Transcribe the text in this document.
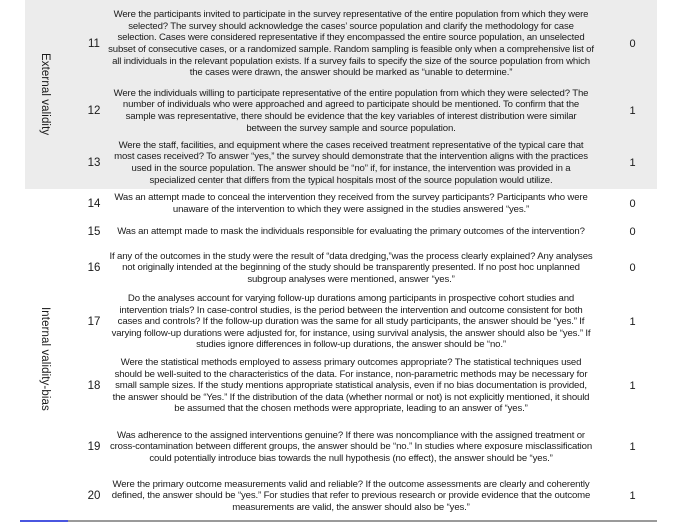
External validity
11
Were the participants invited to participate in the survey representative of the entire population from which they were selected? The survey should acknowledge the cases’ source population and clarify the methodology for case selection. Cases were considered representative if they encompassed the entire source population, an unselected subset of consecutive cases, or a randomized sample. Random sampling is feasible only when a comprehensive list of all individuals in the relevant population exists. If a survey fails to specify the size of the source population from which the cases were drawn, the answer should be marked as “unable to determine.”
0
12
Were the individuals willing to participate representative of the entire population from which they were selected? The number of individuals who were approached and agreed to participate should be mentioned. To confirm that the sample was representative, there should be evidence that the key variables of interest distribution were similar between the survey sample and source population.
1
13
Were the staff, facilities, and equipment where the cases received treatment representative of the typical care that most cases received? To answer “yes,” the survey should demonstrate that the intervention aligns with the practices used in the source population. The answer should be “no” if, for instance, the intervention was provided in a specialized center that differs from the typical hospitals most of the source population would utilize.
1
Internal validity-bias
14
Was an attempt made to conceal the intervention they received from the survey participants? Participants who were unaware of the intervention to which they were assigned in the studies answered “yes.”	0
15	Was an attempt made to mask the individuals responsible for evaluating the primary outcomes of the intervention?	0
16
If any of the outcomes in the study were the result of “data dredging,”was the process clearly explained? Any analyses not originally intended at the beginning of the study should be transparently presented. If no post hoc unplanned subgroup analyses were mentioned, answer “yes.”
0
17
Do the analyses account for varying follow-up durations among participants in prospective cohort studies and intervention trials? In case-control studies, is the period between the intervention and outcome consistent for both cases and controls? If the follow-up duration was the same for all study participants, the answer should be “yes.” If varying follow-up durations were adjusted for, for instance, using survival analysis, the answer should also be “yes.” If studies ignore differences in follow-up durations, the answer should be “no.”
1
18
Were the statistical methods employed to assess primary outcomes appropriate? The statistical techniques used should be well-suited to the characteristics of the data. For instance, non-parametric methods may be necessary for small sample sizes. If the study mentions appropriate statistical analysis, even if no bias documentation is provided, the answer should be “Yes.” If the distribution of the data (whether normal or not) is not explicitly mentioned, it should be assumed that the chosen methods were appropriate, leading to an answer of “yes.”
1
19
Was adherence to the assigned interventions genuine? If there was noncompliance with the assigned treatment or cross-contamination between different groups, the answer should be “no.” In studies where exposure misclassification could potentially introduce bias towards the null hypothesis (no effect), the answer should be “yes.”
1
20
Were the primary outcome measurements valid and reliable? If the outcome assessments are clearly and coherently defined, the answer should be “yes.” For studies that refer to previous research or provide evidence that the outcome measurements are valid, the answer should also be “yes.”
1
